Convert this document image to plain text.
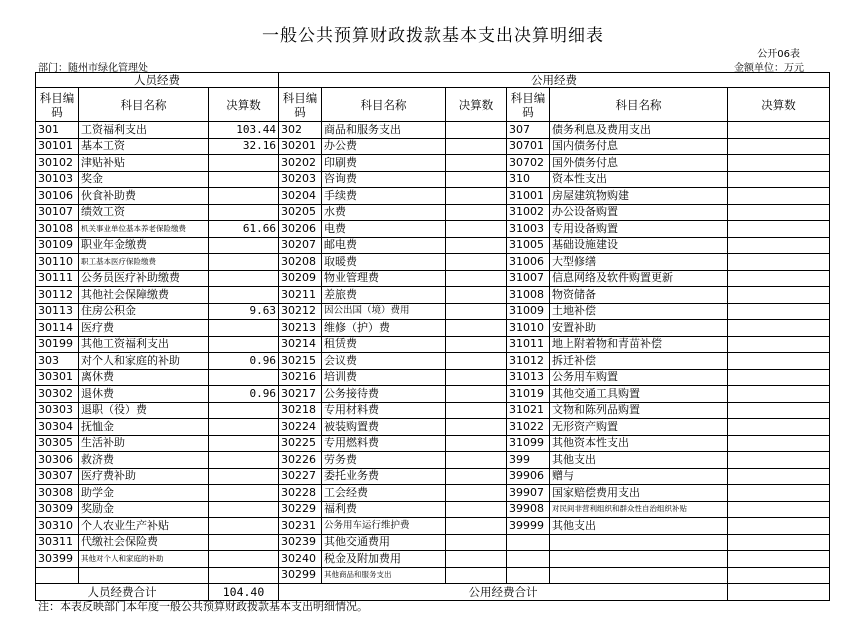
一般公共预算财政拨款基本支出决算明细表
公开06表
部门：随州市绿化管理处	金额单位：万元
人员经费			公用经费					
科目编码	科目名称	决算数	科目编码	科目名称	决算数	科目编码	科目名称	决算数
301	工资福利支出	103.44	302	商品和服务支出		307	债务利息及费用支出	
30101	基本工资	32.16	30201	办公费		30701	国内债务付息	
30102	津贴补贴		30202	印刷费		30702	国外债务付息	
30103	奖金		30203	咨询费		310	资本性支出	
30106	伙食补助费		30204	手续费		31001	房屋建筑物购建	
30107	绩效工资		30205	水费		31002	办公设备购置	
30108	机关事业单位基本养老保险缴费	61.66	30206	电费		31003	专用设备购置	
30109	职业年金缴费		30207	邮电费		31005	基础设施建设	
30110	职工基本医疗保险缴费		30208	取暖费		31006	大型修缮	
30111	公务员医疗补助缴费		30209	物业管理费		31007	信息网络及软件购置更新	
30112	其他社会保障缴费		30211	差旅费		31008	物资储备	
30113	住房公积金	9.63	30212	因公出国（境）费用		31009	土地补偿	
30114	医疗费		30213	维修（护）费		31010	安置补助	
30199	其他工资福利支出		30214	租赁费		31011	地上附着物和青苗补偿	
303	对个人和家庭的补助	0.96	30215	会议费		31012	拆迁补偿	
30301	离休费		30216	培训费		31013	公务用车购置	
30302	退休费	0.96	30217	公务接待费		31019	其他交通工具购置	
30303	退职（役）费		30218	专用材料费		31021	文物和陈列品购置	
30304	抚恤金		30224	被装购置费		31022	无形资产购置	
30305	生活补助		30225	专用燃料费		31099	其他资本性支出	
30306	救济费		30226	劳务费		399	其他支出	
30307	医疗费补助		30227	委托业务费		39906	赠与	
30308	助学金		30228	工会经费		39907	国家赔偿费用支出	
30309	奖励金		30229	福利费		39908	对民间非营利组织和群众性自治组织补贴	
30310	个人农业生产补贴		30231	公务用车运行维护费		39999	其他支出	
30311	代缴社会保险费		30239	其他交通费用				
30399	其他对个人和家庭的补助		30240	税金及附加费用				
			30299	其他商品和服务支出				
人员经费合计		104.40	公用经费合计					
注：本表反映部门本年度一般公共预算财政拨款基本支出明细情况。
